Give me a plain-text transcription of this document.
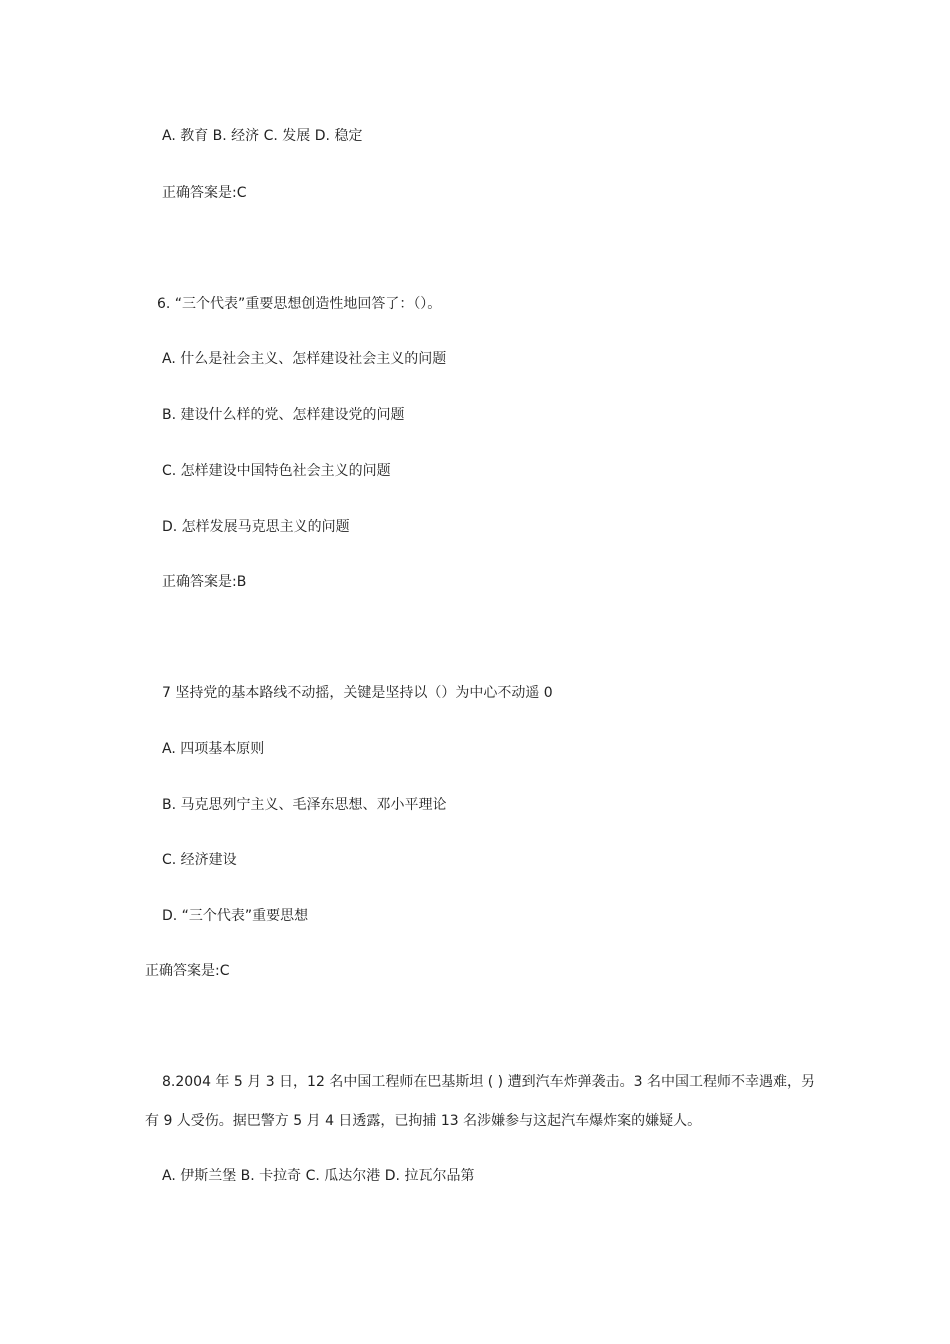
A. 教育 B. 经济 C. 发展 D. 稳定
正确答案是:C
6. “三个代表”重要思想创造性地回答了：（）。
A. 什么是社会主义、怎样建设社会主义的问题
B. 建设什么样的党、怎样建设党的问题
C. 怎样建设中国特色社会主义的问题
D. 怎样发展马克思主义的问题
正确答案是:B
7 坚持党的基本路线不动摇，关键是坚持以（）为中心不动遥 0
A. 四项基本原则
B. 马克思列宁主义、毛泽东思想、邓小平理论
C. 经济建设
D. “三个代表”重要思想
正确答案是:C
8.2004 年 5 月 3 日，12 名中国工程师在巴基斯坦 ( ) 遭到汽车炸弹袭击。3 名中国工程师不幸遇难，另
有 9 人受伤。据巴警方 5 月 4 日透露，已拘捕 13 名涉嫌参与这起汽车爆炸案的嫌疑人。
A. 伊斯兰堡 B. 卡拉奇 C. 瓜达尔港 D. 拉瓦尔品第
